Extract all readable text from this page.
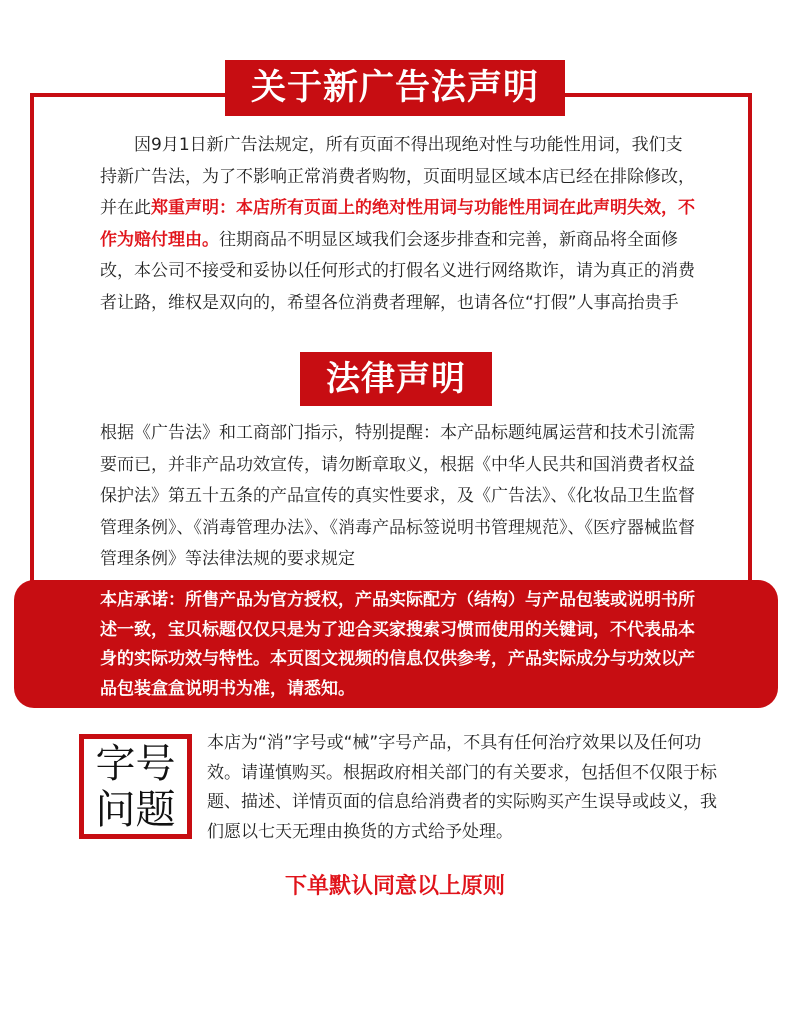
关于新广告法声明

因9月1日新广告法规定，所有页面不得出现绝对性与功能性用词，我们支持新广告法，为了不影响正常消费者购物，页面明显区域本店已经在排除修改，并在此郑重声明：本店所有页面上的绝对性用词与功能性用词在此声明失效，不作为赔付理由。往期商品不明显区域我们会逐步排查和完善，新商品将全面修改，本公司不接受和妥协以任何形式的打假名义进行网络欺诈，请为真正的消费者让路，维权是双向的，希望各位消费者理解，也请各位“打假”人事高抬贵手

法律声明

根据《广告法》和工商部门指示，特别提醒：本产品标题纯属运营和技术引流需要而已，并非产品功效宣传，请勿断章取义，根据《中华人民共和国消费者权益保护法》第五十五条的产品宣传的真实性要求，及《广告法》、《化妆品卫生监督管理条例》、《消毒管理办法》、《消毒产品标签说明书管理规范》、《医疗器械监督管理条例》等法律法规的要求规定

本店承诺：所售产品为官方授权，产品实际配方（结构）与产品包装或说明书所述一致，宝贝标题仅仅只是为了迎合买家搜索习惯而使用的关键词，不代表品本身的实际功效与特性。本页图文视频的信息仅供参考，产品实际成分与功效以产品包装盒盒说明书为准，请悉知。

字号
问题

本店为“消”字号或“械”字号产品，不具有任何治疗效果以及任何功效。请谨慎购买。根据政府相关部门的有关要求，包括但不仅限于标题、描述、详情页面的信息给消费者的实际购买产生误导或歧义，我们愿以七天无理由换货的方式给予处理。

下单默认同意以上原则
